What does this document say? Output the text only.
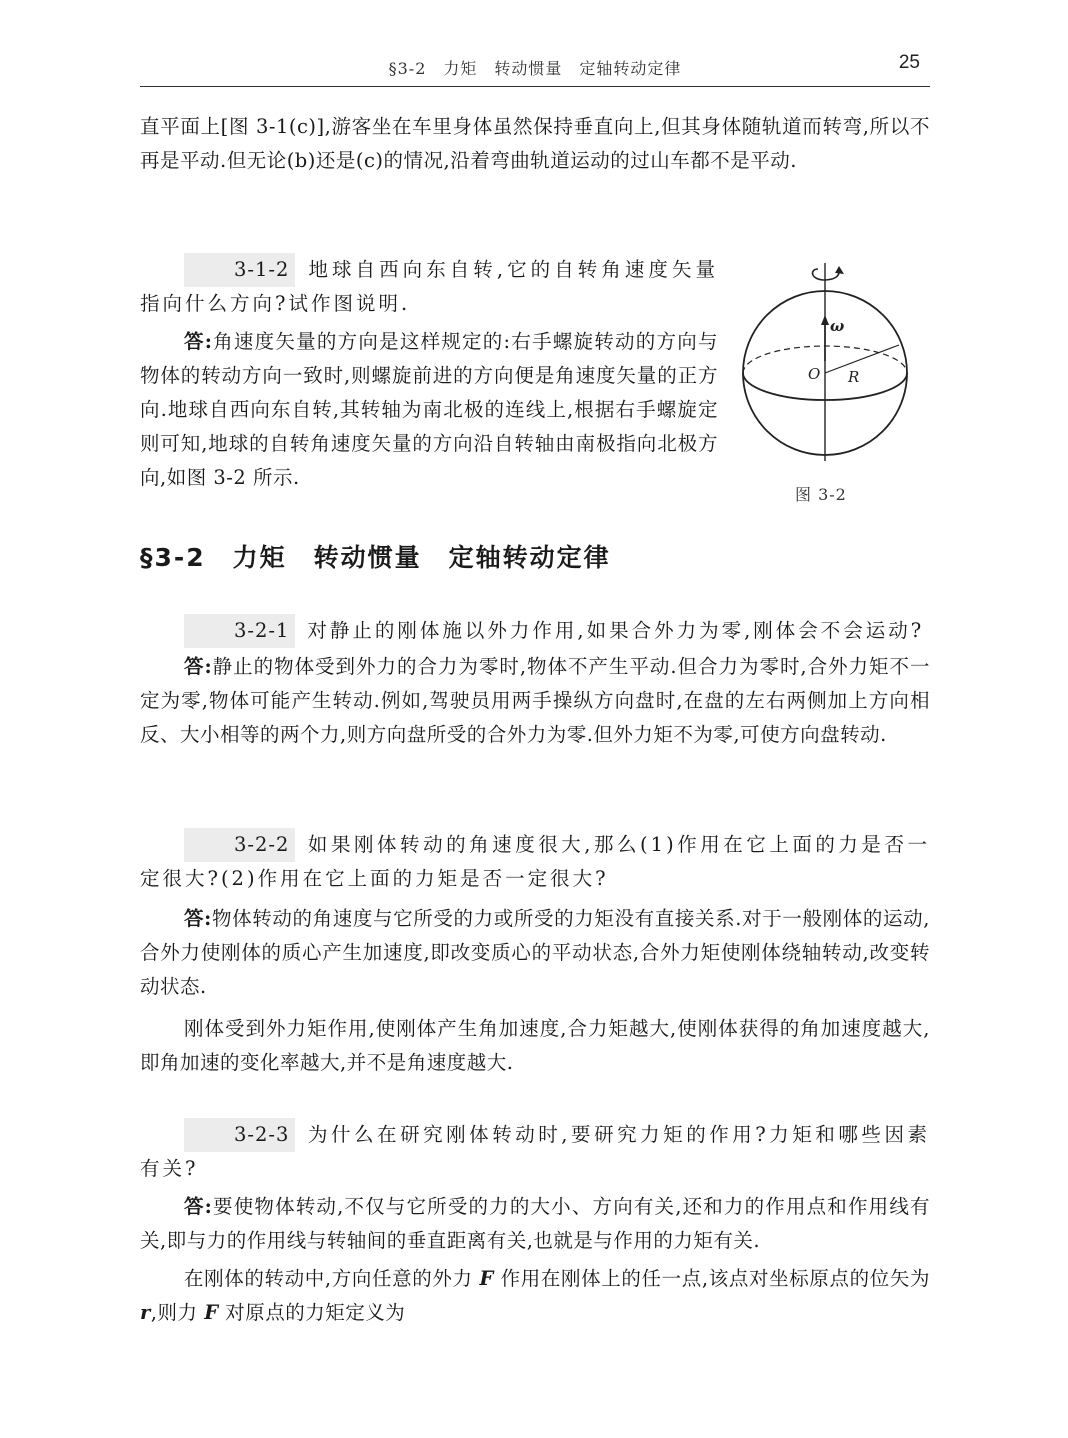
§3-2　力矩　转动惯量　定轴转动定律	25

直平面上[图 3-1(c)],游客坐在车里身体虽然保持垂直向上,但其身体随轨道而转弯,所以不再是平动.但无论(b)还是(c)的情况,沿着弯曲轨道运动的过山车都不是平动.

3-1-2 地球自西向东自转,它的自转角速度矢量指向什么方向?试作图说明.

答:角速度矢量的方向是这样规定的:右手螺旋转动的方向与物体的转动方向一致时,则螺旋前进的方向便是角速度矢量的正方向.地球自西向东自转,其转轴为南北极的连线上,根据右手螺旋定则可知,地球的自转角速度矢量的方向沿自转轴由南极指向北极方向,如图 3-2 所示.

ω
O R
图 3-2
§3-2　力矩　转动惯量　定轴转动定律

3-2-1 对静止的刚体施以外力作用,如果合外力为零,刚体会不会运动?

答:静止的物体受到外力的合力为零时,物体不产生平动.但合力为零时,合外力矩不一定为零,物体可能产生转动.例如,驾驶员用两手操纵方向盘时,在盘的左右两侧加上方向相反、大小相等的两个力,则方向盘所受的合外力为零.但外力矩不为零,可使方向盘转动.

3-2-2 如果刚体转动的角速度很大,那么(1)作用在它上面的力是否一定很大?(2)作用在它上面的力矩是否一定很大?

答:物体转动的角速度与它所受的力或所受的力矩没有直接关系.对于一般刚体的运动,合外力使刚体的质心产生加速度,即改变质心的平动状态,合外力矩使刚体绕轴转动,改变转动状态.

刚体受到外力矩作用,使刚体产生角加速度,合力矩越大,使刚体获得的角加速度越大,即角加速的变化率越大,并不是角速度越大.

3-2-3 为什么在研究刚体转动时,要研究力矩的作用?力矩和哪些因素有关?

答:要使物体转动,不仅与它所受的力的大小、方向有关,还和力的作用点和作用线有关,即与力的作用线与转轴间的垂直距离有关,也就是与作用的力矩有关.

在刚体的转动中,方向任意的外力 F 作用在刚体上的任一点,该点对坐标原点的位矢为 r,则力 F 对原点的力矩定义为
